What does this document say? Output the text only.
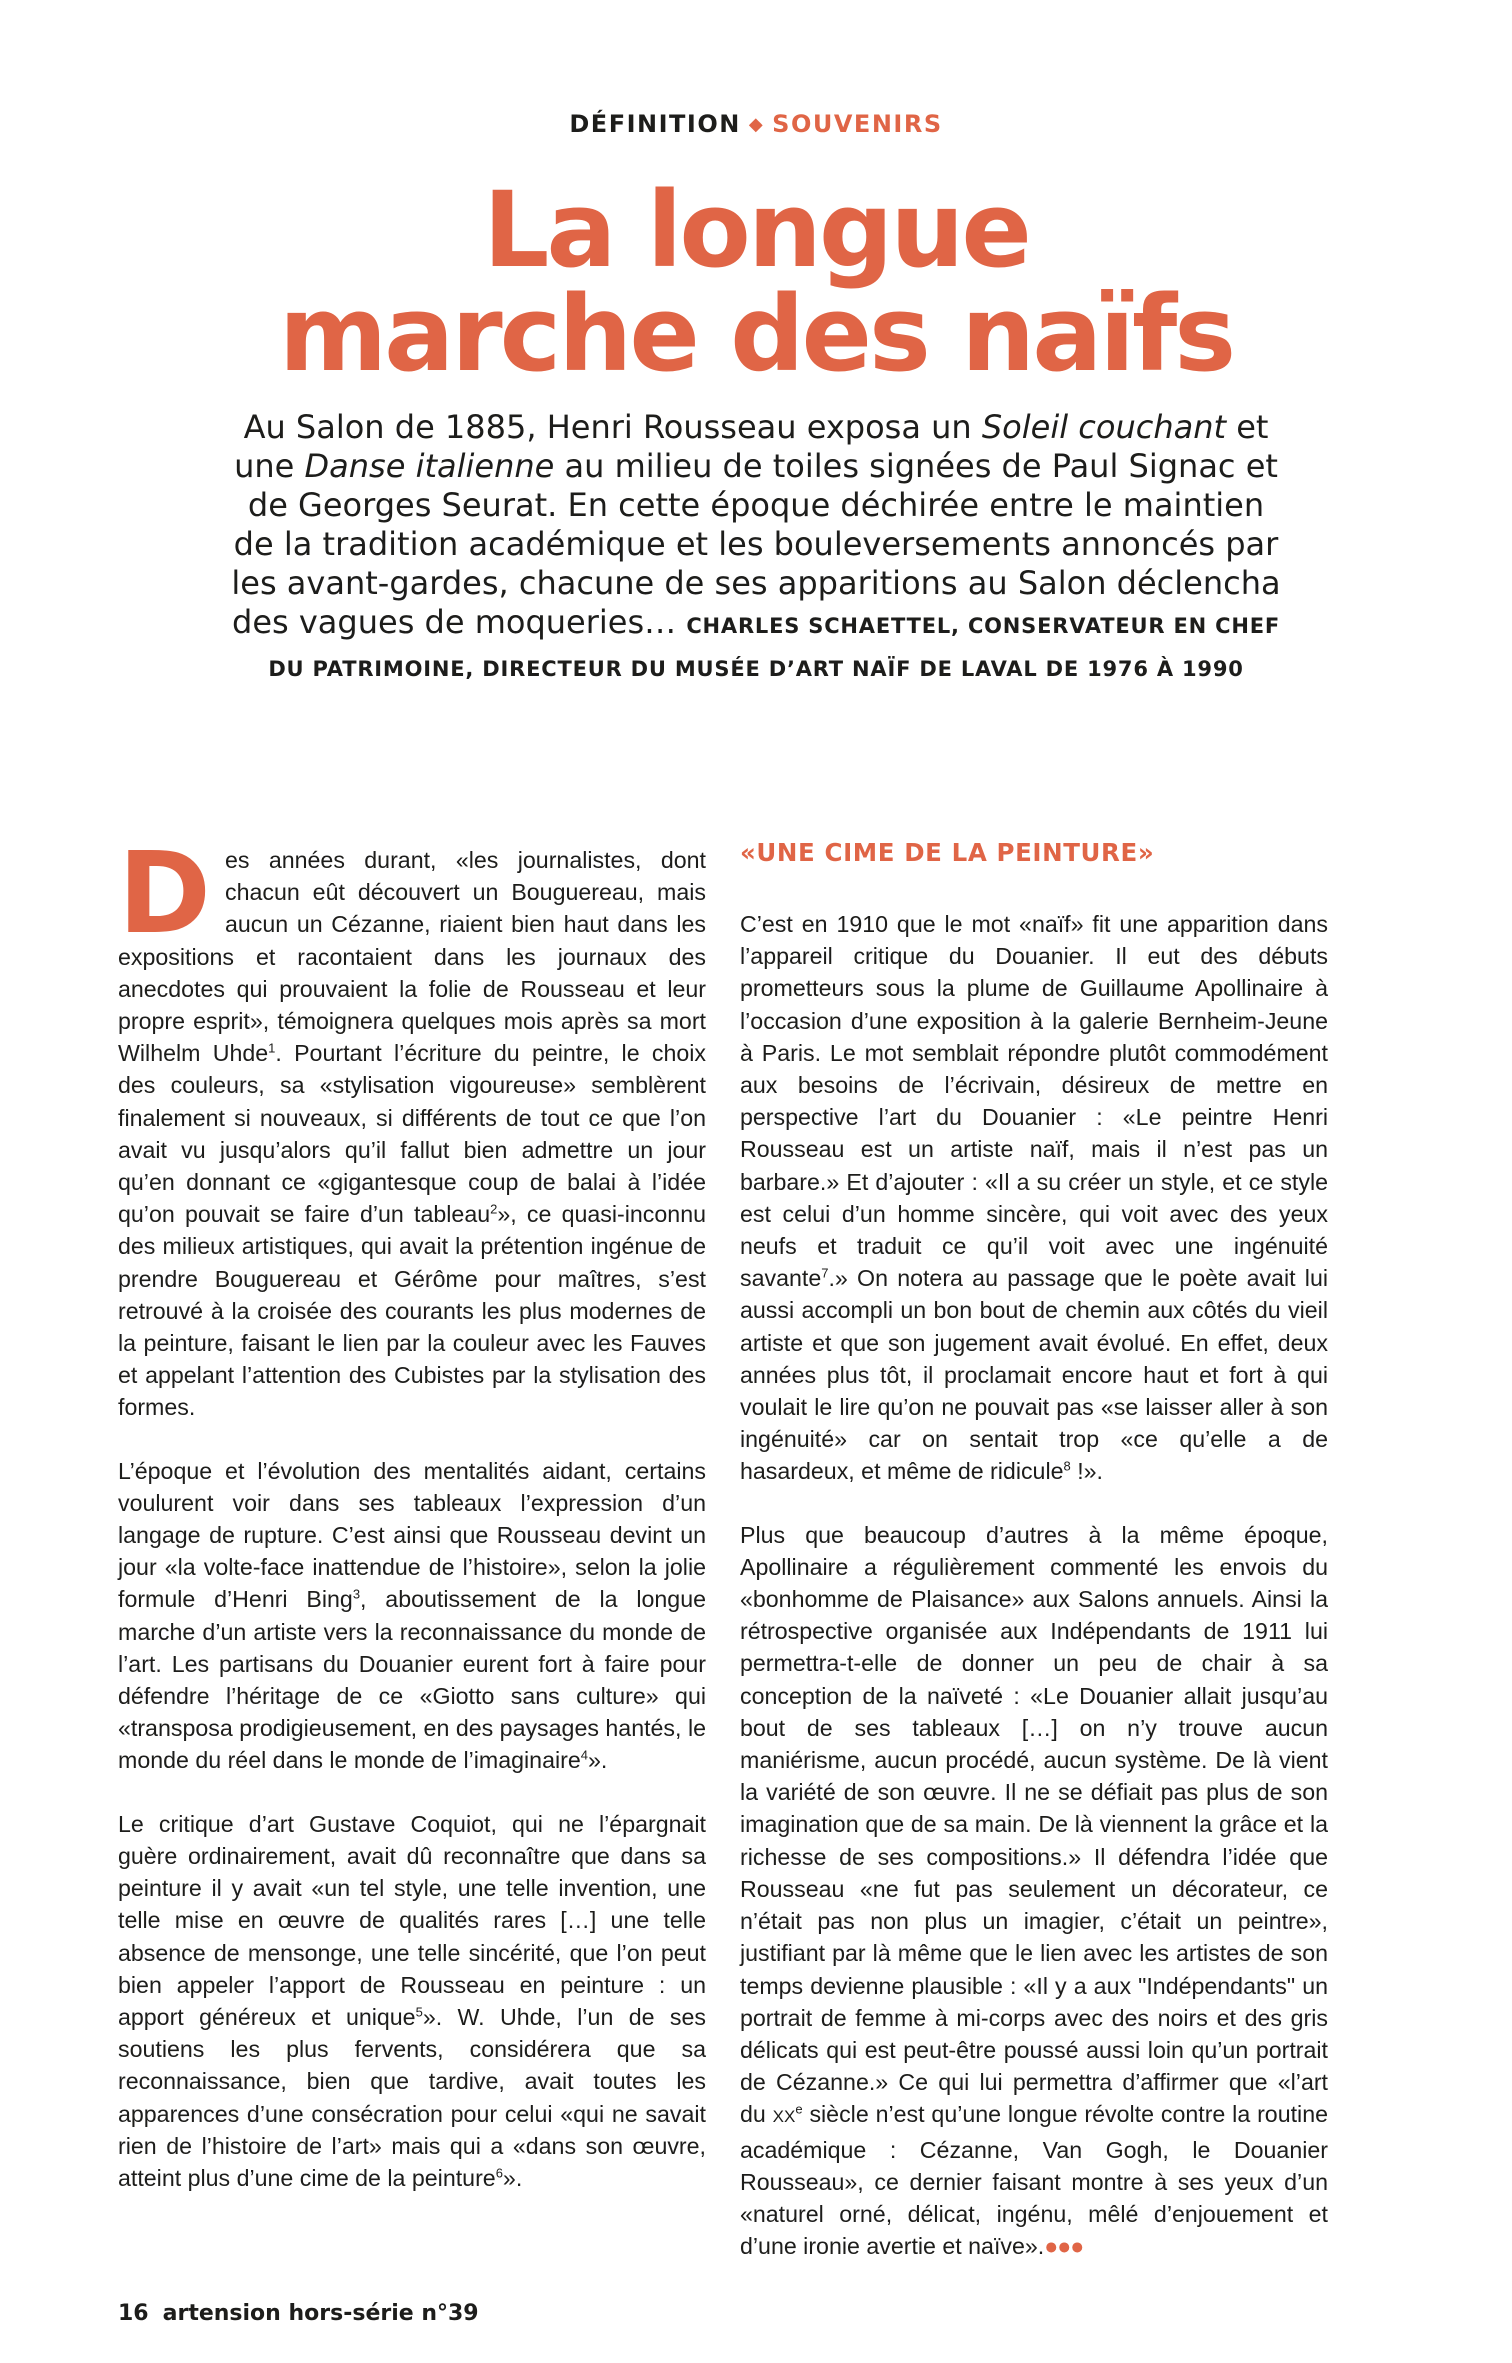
DÉFINITION ◆ SOUVENIRS
La longue
marche des naïfs
Au Salon de 1885, Henri Rousseau exposa un Soleil couchant et une Danse italienne au milieu de toiles signées de Paul Signac et de Georges Seurat. En cette époque déchirée entre le maintien de la tradition académique et les bouleversements annoncés par les avant-gardes, chacune de ses apparitions au Salon déclencha des vagues de moqueries… CHARLES SCHAETTEL, CONSERVATEUR EN CHEF DU PATRIMOINE, DIRECTEUR DU MUSÉE D’ART NAÏF DE LAVAL DE 1976 À 1990

Des années durant, «les journalistes, dont chacun eût découvert un Bouguereau, mais aucun un Cézanne, riaient bien haut dans les expositions et racontaient dans les journaux des anecdotes qui prouvaient la folie de Rousseau et leur propre esprit», témoignera quelques mois après sa mort Wilhelm Uhde$^1$. Pourtant l’écriture du peintre, le choix des couleurs, sa «stylisation vigoureuse» semblèrent finalement si nouveaux, si différents de tout ce que l’on avait vu jusqu’alors qu’il fallut bien admettre un jour qu’en donnant ce «gigantesque coup de balai à l’idée qu’on pouvait se faire d’un tableau$^2$», ce quasi-inconnu des milieux artistiques, qui avait la prétention ingénue de prendre Bouguereau et Gérôme pour maîtres, s’est retrouvé à la croisée des courants les plus modernes de la peinture, faisant le lien par la couleur avec les Fauves et appelant l’attention des Cubistes par la stylisation des formes.

L’époque et l’évolution des mentalités aidant, certains voulurent voir dans ses tableaux l’expression d’un langage de rupture. C’est ainsi que Rousseau devint un jour «la volte-face inattendue de l’histoire», selon la jolie formule d’Henri Bing$^3$, aboutissement de la longue marche d’un artiste vers la reconnaissance du monde de l’art. Les partisans du Douanier eurent fort à faire pour défendre l’héritage de ce «Giotto sans culture» qui «transposa prodigieusement, en des paysages hantés, le monde du réel dans le monde de l’imaginaire$^4$».

Le critique d’art Gustave Coquiot, qui ne l’épargnait guère ordinairement, avait dû reconnaître que dans sa peinture il y avait «un tel style, une telle invention, une telle mise en œuvre de qualités rares […] une telle absence de mensonge, une telle sincérité, que l’on peut bien appeler l’apport de Rousseau en peinture : un apport généreux et unique$^5$». W. Uhde, l’un de ses soutiens les plus fervents, considérera que sa reconnaissance, bien que tardive, avait toutes les apparences d’une consécration pour celui «qui ne savait rien de l’histoire de l’art» mais qui a «dans son œuvre, atteint plus d’une cime de la peinture$^6$».

«UNE CIME DE LA PEINTURE»

C’est en 1910 que le mot «naïf» fit une apparition dans l’appareil critique du Douanier. Il eut des débuts prometteurs sous la plume de Guillaume Apollinaire à l’occasion d’une exposition à la galerie Bernheim-Jeune à Paris. Le mot semblait répondre plutôt commodément aux besoins de l’écrivain, désireux de mettre en perspective l’art du Douanier : «Le peintre Henri Rousseau est un artiste naïf, mais il n’est pas un barbare.» Et d’ajouter : «Il a su créer un style, et ce style est celui d’un homme sincère, qui voit avec des yeux neufs et traduit ce qu’il voit avec une ingénuité savante$^7$.» On notera au passage que le poète avait lui aussi accompli un bon bout de chemin aux côtés du vieil artiste et que son jugement avait évolué. En effet, deux années plus tôt, il proclamait encore haut et fort à qui voulait le lire qu’on ne pouvait pas «se laisser aller à son ingénuité» car on sentait trop «ce qu’elle a de hasardeux, et même de ridicule$^8$ !».

Plus que beaucoup d’autres à la même époque, Apollinaire a régulièrement commenté les envois du «bonhomme de Plaisance» aux Salons annuels. Ainsi la rétrospective organisée aux Indépendants de 1911 lui permettra-t-elle de donner un peu de chair à sa conception de la naïveté : «Le Douanier allait jusqu’au bout de ses tableaux […] on n’y trouve aucun maniérisme, aucun procédé, aucun système. De là vient la variété de son œuvre. Il ne se défiait pas plus de son imagination que de sa main. De là viennent la grâce et la richesse de ses compositions.» Il défendra l’idée que Rousseau «ne fut pas seulement un décorateur, ce n’était pas non plus un imagier, c’était un peintre», justifiant par là même que le lien avec les artistes de son temps devienne plausible : «Il y a aux "Indépendants" un portrait de femme à mi-corps avec des noirs et des gris délicats qui est peut-être poussé aussi loin qu’un portrait de Cézanne.» Ce qui lui permettra d’affirmer que «l’art du XXe siècle n’est qu’une longue révolte contre la routine académique : Cézanne, Van Gogh, le Douanier Rousseau», ce dernier faisant montre à ses yeux d’un «naturel orné, délicat, ingénu, mêlé d’enjouement et d’une ironie avertie et naïve».●●●

16 artension hors-série n°39
